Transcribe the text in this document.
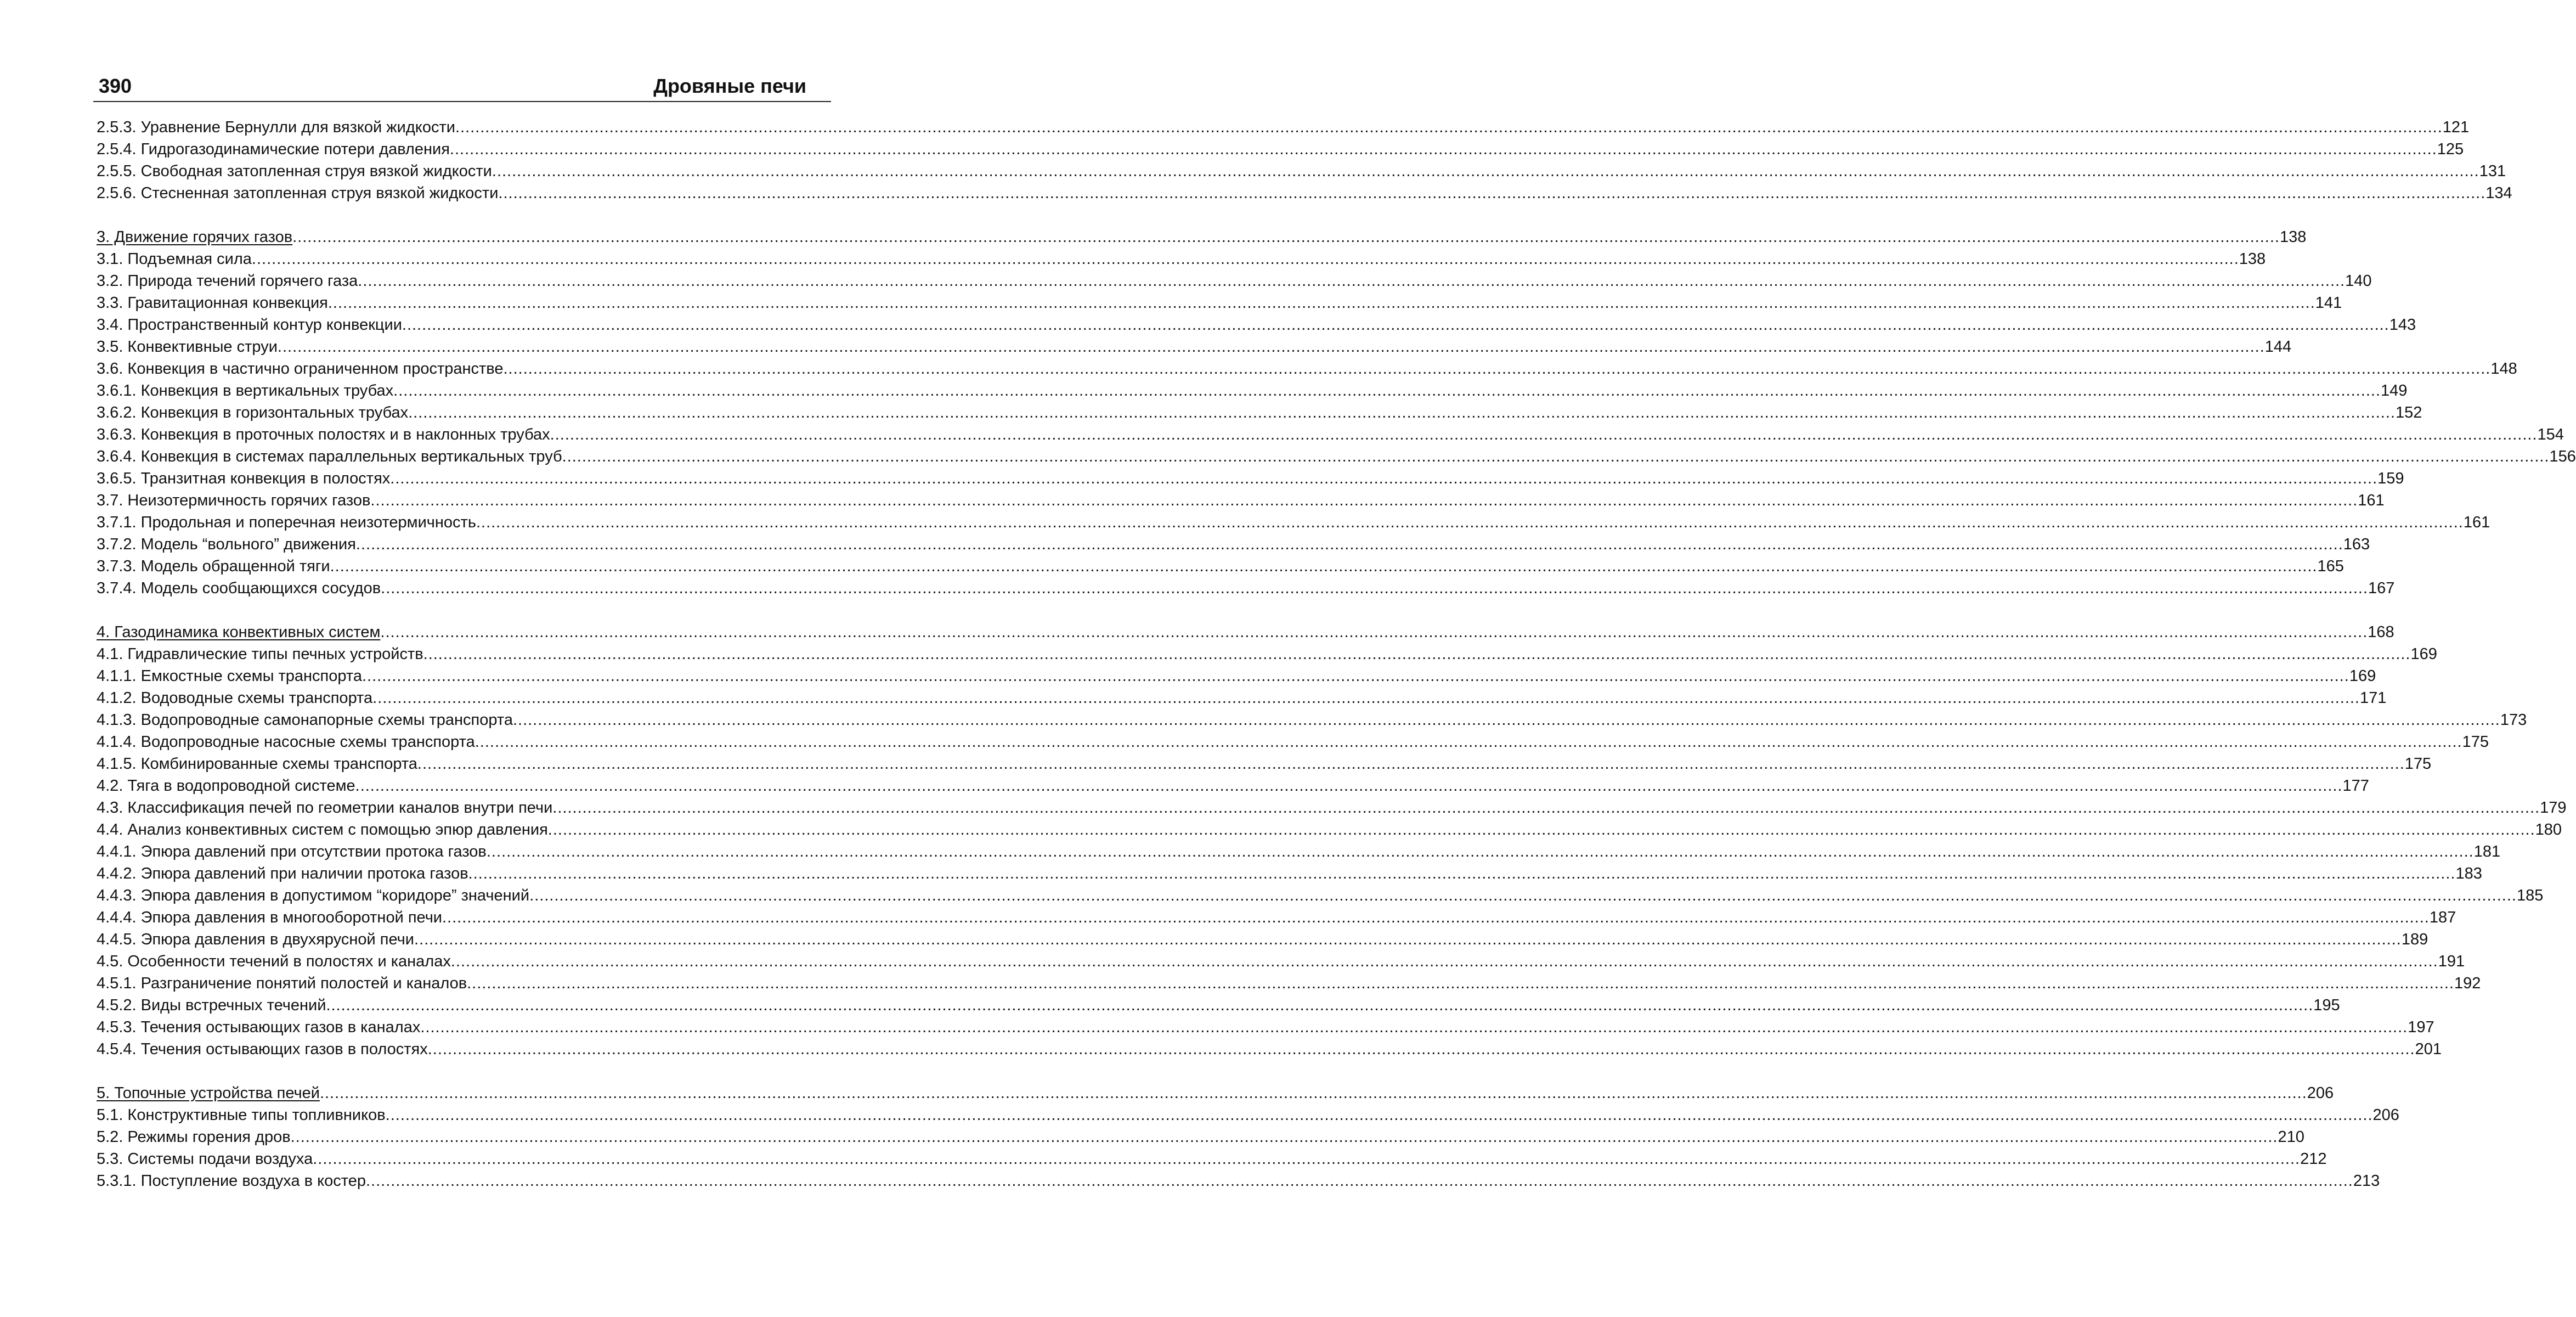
390	Дровяные печи
2.5.3. Уравнение Бернулли для вязкой жидкости ................................................................................................................................................................................................................................................................................................................................................................................................................ 121
2.5.4. Гидрогазодинамические потери давления ................................................................................................................................................................................................................................................................................................................................................................................................................ 125
2.5.5. Свободная затопленная струя вязкой жидкости ................................................................................................................................................................................................................................................................................................................................................................................................................ 131
2.5.6. Стесненная затопленная струя вязкой жидкости ................................................................................................................................................................................................................................................................................................................................................................................................................ 134
3. Движение горячих газов ................................................................................................................................................................................................................................................................................................................................................................................................................ 138
3.1. Подъемная сила ................................................................................................................................................................................................................................................................................................................................................................................................................ 138
3.2. Природа течений горячего газа ................................................................................................................................................................................................................................................................................................................................................................................................................ 140
3.3. Гравитационная конвекция ................................................................................................................................................................................................................................................................................................................................................................................................................ 141
3.4. Пространственный контур конвекции ................................................................................................................................................................................................................................................................................................................................................................................................................ 143
3.5. Конвективные струи ................................................................................................................................................................................................................................................................................................................................................................................................................ 144
3.6. Конвекция в частично ограниченном пространстве ................................................................................................................................................................................................................................................................................................................................................................................................................ 148
3.6.1. Конвекция в вертикальных трубах ................................................................................................................................................................................................................................................................................................................................................................................................................ 149
3.6.2. Конвекция в горизонтальных трубах ................................................................................................................................................................................................................................................................................................................................................................................................................ 152
3.6.3. Конвекция в проточных полостях и в наклонных трубах ................................................................................................................................................................................................................................................................................................................................................................................................................ 154
3.6.4. Конвекция в системах параллельных вертикальных труб ................................................................................................................................................................................................................................................................................................................................................................................................................ 156
3.6.5. Транзитная конвекция в полостях ................................................................................................................................................................................................................................................................................................................................................................................................................ 159
3.7. Неизотермичность горячих газов ................................................................................................................................................................................................................................................................................................................................................................................................................ 161
3.7.1. Продольная и поперечная неизотермичность ................................................................................................................................................................................................................................................................................................................................................................................................................ 161
3.7.2. Модель “вольного” движения ................................................................................................................................................................................................................................................................................................................................................................................................................ 163
3.7.3. Модель обращенной тяги ................................................................................................................................................................................................................................................................................................................................................................................................................ 165
3.7.4. Модель сообщающихся сосудов ................................................................................................................................................................................................................................................................................................................................................................................................................ 167
4. Газодинамика конвективных систем ................................................................................................................................................................................................................................................................................................................................................................................................................ 168
4.1. Гидравлические типы печных устройств ................................................................................................................................................................................................................................................................................................................................................................................................................ 169
4.1.1. Емкостные схемы транспорта ................................................................................................................................................................................................................................................................................................................................................................................................................ 169
4.1.2. Водоводные схемы транспорта ................................................................................................................................................................................................................................................................................................................................................................................................................ 171
4.1.3. Водопроводные самонапорные схемы транспорта ................................................................................................................................................................................................................................................................................................................................................................................................................ 173
4.1.4. Водопроводные насосные схемы транспорта ................................................................................................................................................................................................................................................................................................................................................................................................................ 175
4.1.5. Комбинированные схемы транспорта ................................................................................................................................................................................................................................................................................................................................................................................................................ 175
4.2. Тяга в водопроводной системе ................................................................................................................................................................................................................................................................................................................................................................................................................ 177
4.3. Классификация печей по геометрии каналов внутри печи ................................................................................................................................................................................................................................................................................................................................................................................................................ 179
4.4. Анализ конвективных систем с помощью эпюр давления ................................................................................................................................................................................................................................................................................................................................................................................................................ 180
4.4.1. Эпюра давлений при отсутствии протока газов ................................................................................................................................................................................................................................................................................................................................................................................................................ 181
4.4.2. Эпюра давлений при наличии протока газов ................................................................................................................................................................................................................................................................................................................................................................................................................ 183
4.4.3. Эпюра давления в допустимом “коридоре” значений ................................................................................................................................................................................................................................................................................................................................................................................................................ 185
4.4.4. Эпюра давления в многооборотной печи ................................................................................................................................................................................................................................................................................................................................................................................................................ 187
4.4.5. Эпюра давления в двухярусной печи ................................................................................................................................................................................................................................................................................................................................................................................................................ 189
4.5. Особенности течений в полостях и каналах ................................................................................................................................................................................................................................................................................................................................................................................................................ 191
4.5.1. Разграничение понятий полостей и каналов ................................................................................................................................................................................................................................................................................................................................................................................................................ 192
4.5.2. Виды встречных течений ................................................................................................................................................................................................................................................................................................................................................................................................................ 195
4.5.3. Течения остывающих газов в каналах ................................................................................................................................................................................................................................................................................................................................................................................................................ 197
4.5.4. Течения остывающих газов в полостях ................................................................................................................................................................................................................................................................................................................................................................................................................ 201
5. Топочные устройства печей ................................................................................................................................................................................................................................................................................................................................................................................................................ 206
5.1. Конструктивные типы топливников ................................................................................................................................................................................................................................................................................................................................................................................................................ 206
5.2. Режимы горения дров ................................................................................................................................................................................................................................................................................................................................................................................................................ 210
5.3. Системы подачи воздуха ................................................................................................................................................................................................................................................................................................................................................................................................................ 212
5.3.1. Поступление воздуха в костер ................................................................................................................................................................................................................................................................................................................................................................................................................ 213
